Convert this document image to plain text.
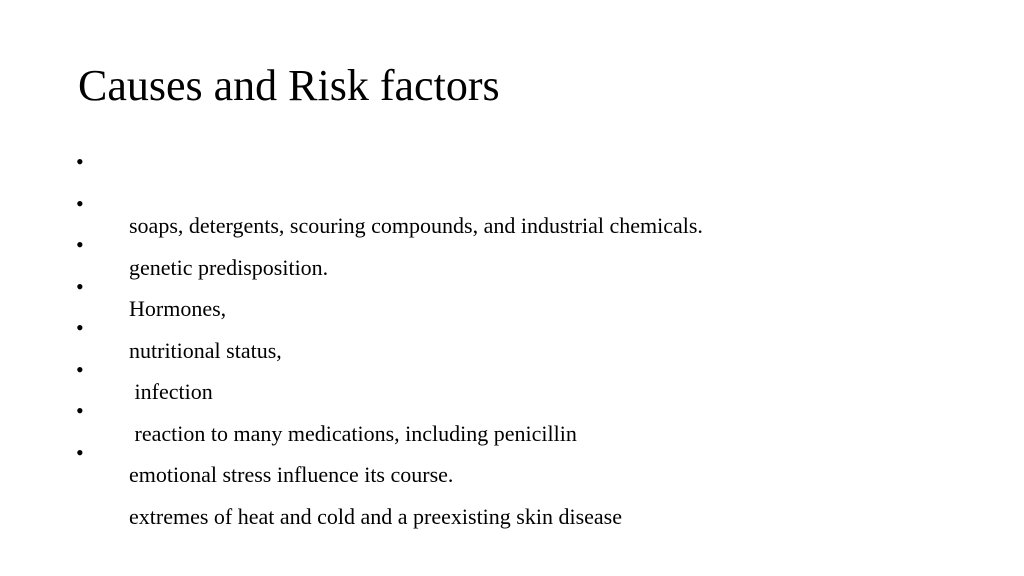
Causes and Risk factors

•

soaps, detergents, scouring compounds, and industrial chemicals.

•

genetic predisposition.

•

Hormones,

•

nutritional status,

•

infection

•

reaction to many medications, including penicillin

•

emotional stress influence its course.

•

extremes of heat and cold and a preexisting skin disease
